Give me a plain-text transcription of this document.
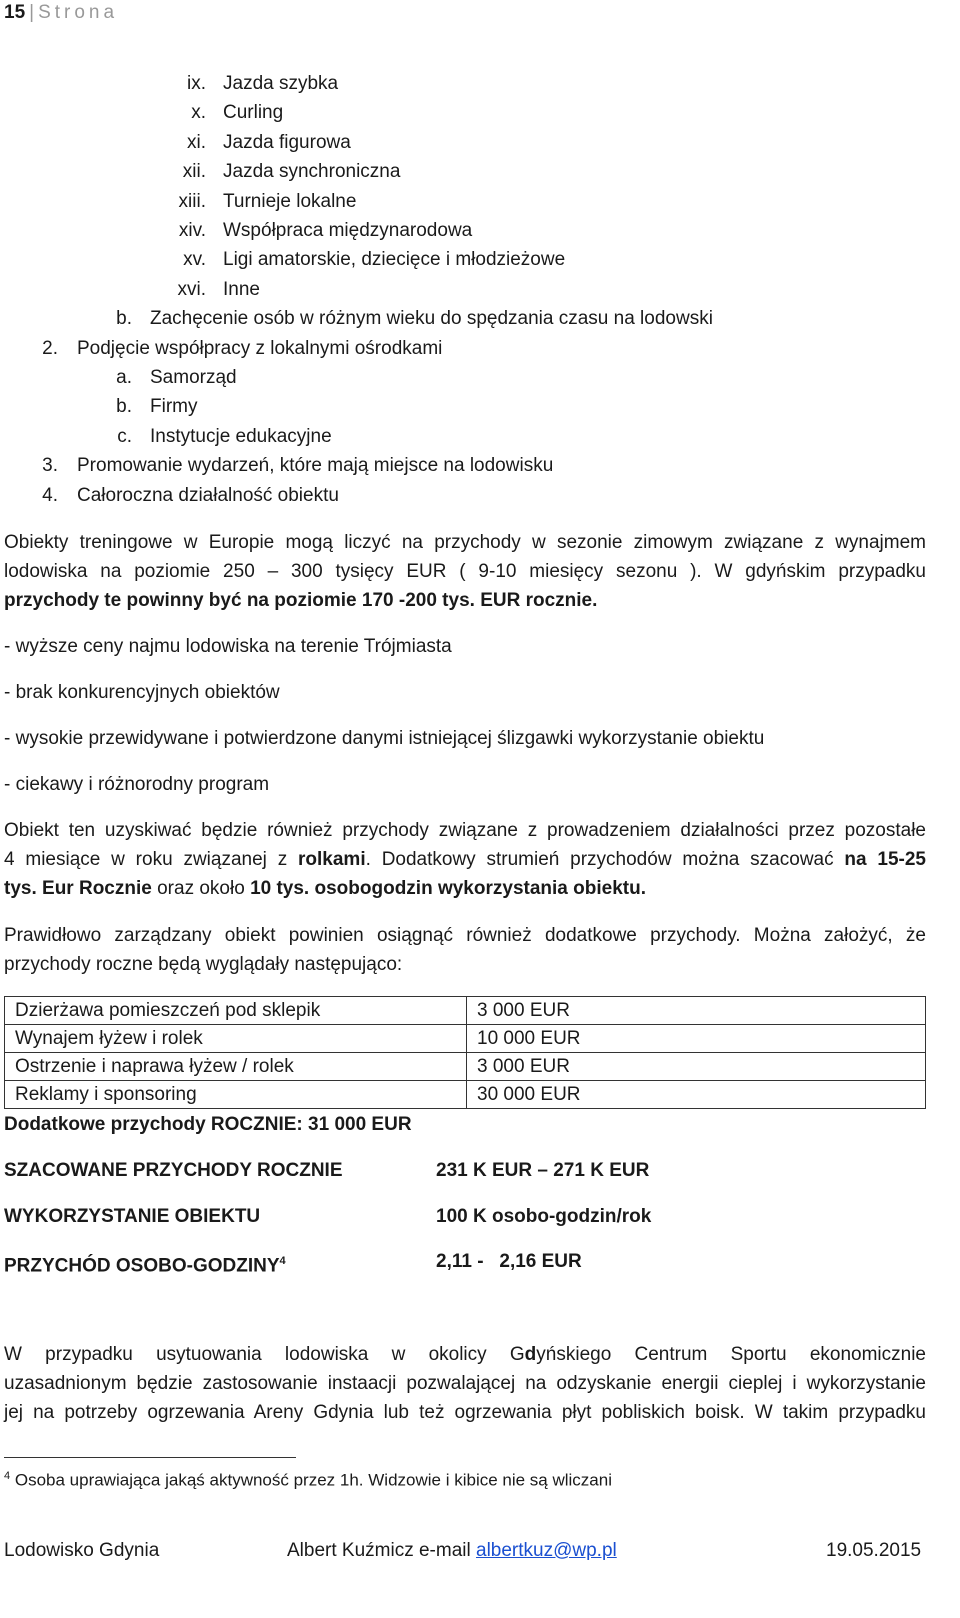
15 | Strona
ix. Jazda szybka
x. Curling
xi. Jazda figurowa
xii. Jazda synchroniczna
xiii. Turnieje lokalne
xiv. Współpraca międzynarodowa
xv. Ligi amatorskie, dziecięce i młodzieżowe
xvi. Inne
b. Zachęcenie osób w różnym wieku do spędzania czasu na lodowski
2. Podjęcie współpracy z lokalnymi ośrodkami
a. Samorząd
b. Firmy
c. Instytucje edukacyjne
3. Promowanie wydarzeń, które mają miejsce na lodowisku
4. Całoroczna działalność obiektu
Obiekty treningowe w Europie mogą liczyć na przychody w sezonie zimowym związane z wynajmem
lodowiska na poziomie 250 – 300 tysięcy EUR ( 9-10 miesięcy sezonu ). W gdyńskim przypadku
przychody te powinny być na poziomie 170 -200 tys. EUR rocznie.
- wyższe ceny najmu lodowiska na terenie Trójmiasta
- brak konkurencyjnych obiektów
- wysokie przewidywane i potwierdzone danymi istniejącej ślizgawki wykorzystanie obiektu
- ciekawy i różnorodny program
Obiekt ten uzyskiwać będzie również przychody związane z prowadzeniem działalności przez pozostałe
4 miesiące w roku związanej z rolkami. Dodatkowy strumień przychodów można szacować na 15-25
tys. Eur Rocznie oraz około 10 tys. osobogodzin wykorzystania obiektu.
Prawidłowo zarządzany obiekt powinien osiągnąć również dodatkowe przychody. Można założyć, że
przychody roczne będą wyglądały następująco:
Dzierżawa pomieszczeń pod sklepik	3 000 EUR
Wynajem łyżew i rolek	10 000 EUR
Ostrzenie i naprawa łyżew / rolek	3 000 EUR
Reklamy i sponsoring	30 000 EUR
Dodatkowe przychody ROCZNIE: 31 000 EUR
SZACOWANE PRZYCHODY ROCZNIE	231 K EUR – 271 K EUR
WYKORZYSTANIE OBIEKTU	100 K osobo-godzin/rok
PRZYCHÓD OSOBO-GODZINY$^4$	2,11 -   2,16 EUR
W przypadku usytuowania lodowiska w okolicy Gdyńskiego Centrum Sportu ekonomicznie
uzasadnionym będzie zastosowanie instaacji pozwalającej na odzyskanie energii cieplej i wykorzystanie
jej na potrzeby ogrzewania Areny Gdynia lub też ogrzewania płyt pobliskich boisk. W takim przypadku
$^4$ Osoba uprawiająca jakąś aktywność przez 1h. Widzowie i kibice nie są wliczani
Lodowisko Gdynia	Albert Kuźmicz e-mail albertkuz@wp.pl	19.05.2015
